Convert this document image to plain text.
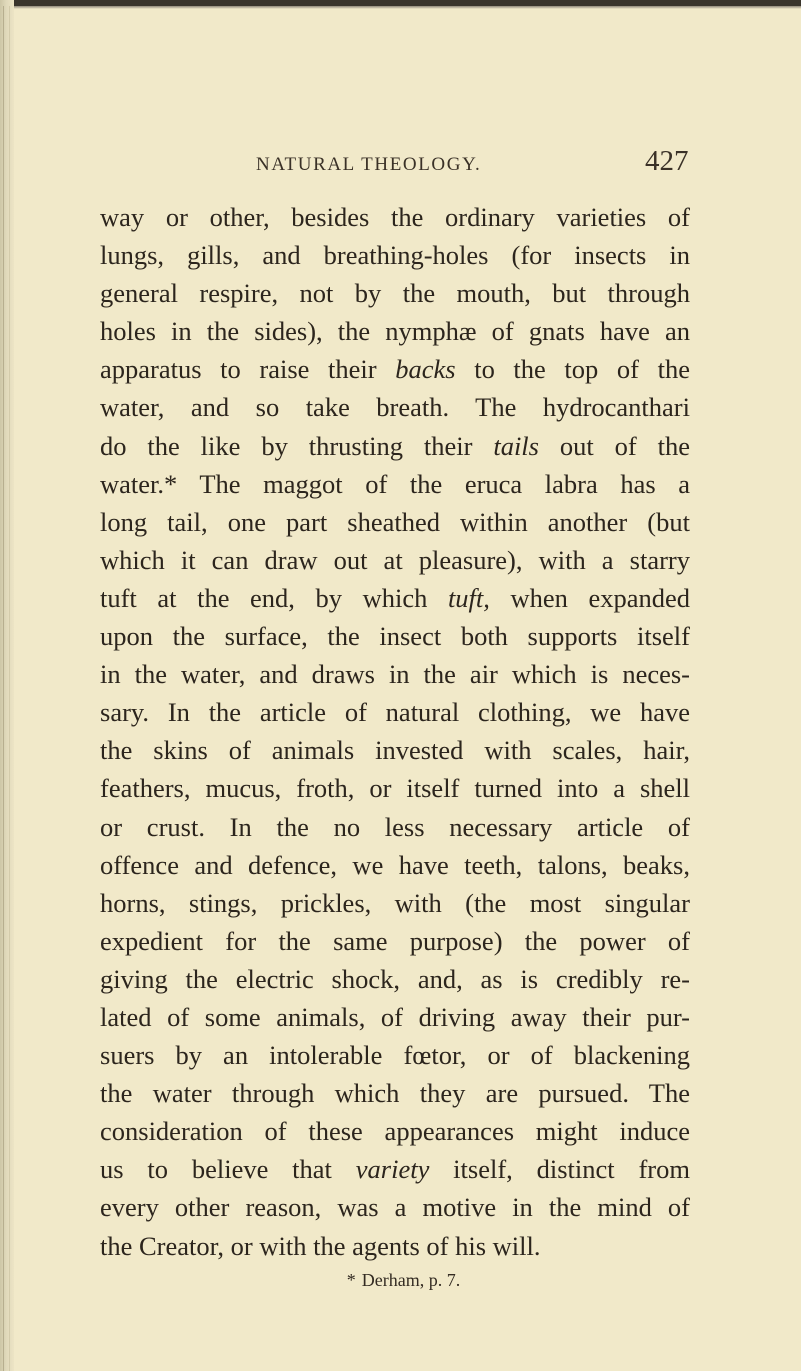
NATURAL THEOLOGY.	427
way or other, besides the ordinary varieties of
lungs, gills, and breathing-holes (for insects in
general respire, not by the mouth, but through
holes in the sides), the nymphæ of gnats have an
apparatus to raise their backs to the top of the
water, and so take breath. The hydrocanthari
do the like by thrusting their tails out of the
water.* The maggot of the eruca labra has a
long tail, one part sheathed within another (but
which it can draw out at pleasure), with a starry
tuft at the end, by which tuft, when expanded
upon the surface, the insect both supports itself
in the water, and draws in the air which is neces-
sary. In the article of natural clothing, we have
the skins of animals invested with scales, hair,
feathers, mucus, froth, or itself turned into a shell
or crust. In the no less necessary article of
offence and defence, we have teeth, talons, beaks,
horns, stings, prickles, with (the most singular
expedient for the same purpose) the power of
giving the electric shock, and, as is credibly re-
lated of some animals, of driving away their pur-
suers by an intolerable fœtor, or of blackening
the water through which they are pursued. The
consideration of these appearances might induce
us to believe that variety itself, distinct from
every other reason, was a motive in the mind of
the Creator, or with the agents of his will.
* Derham, p. 7.
